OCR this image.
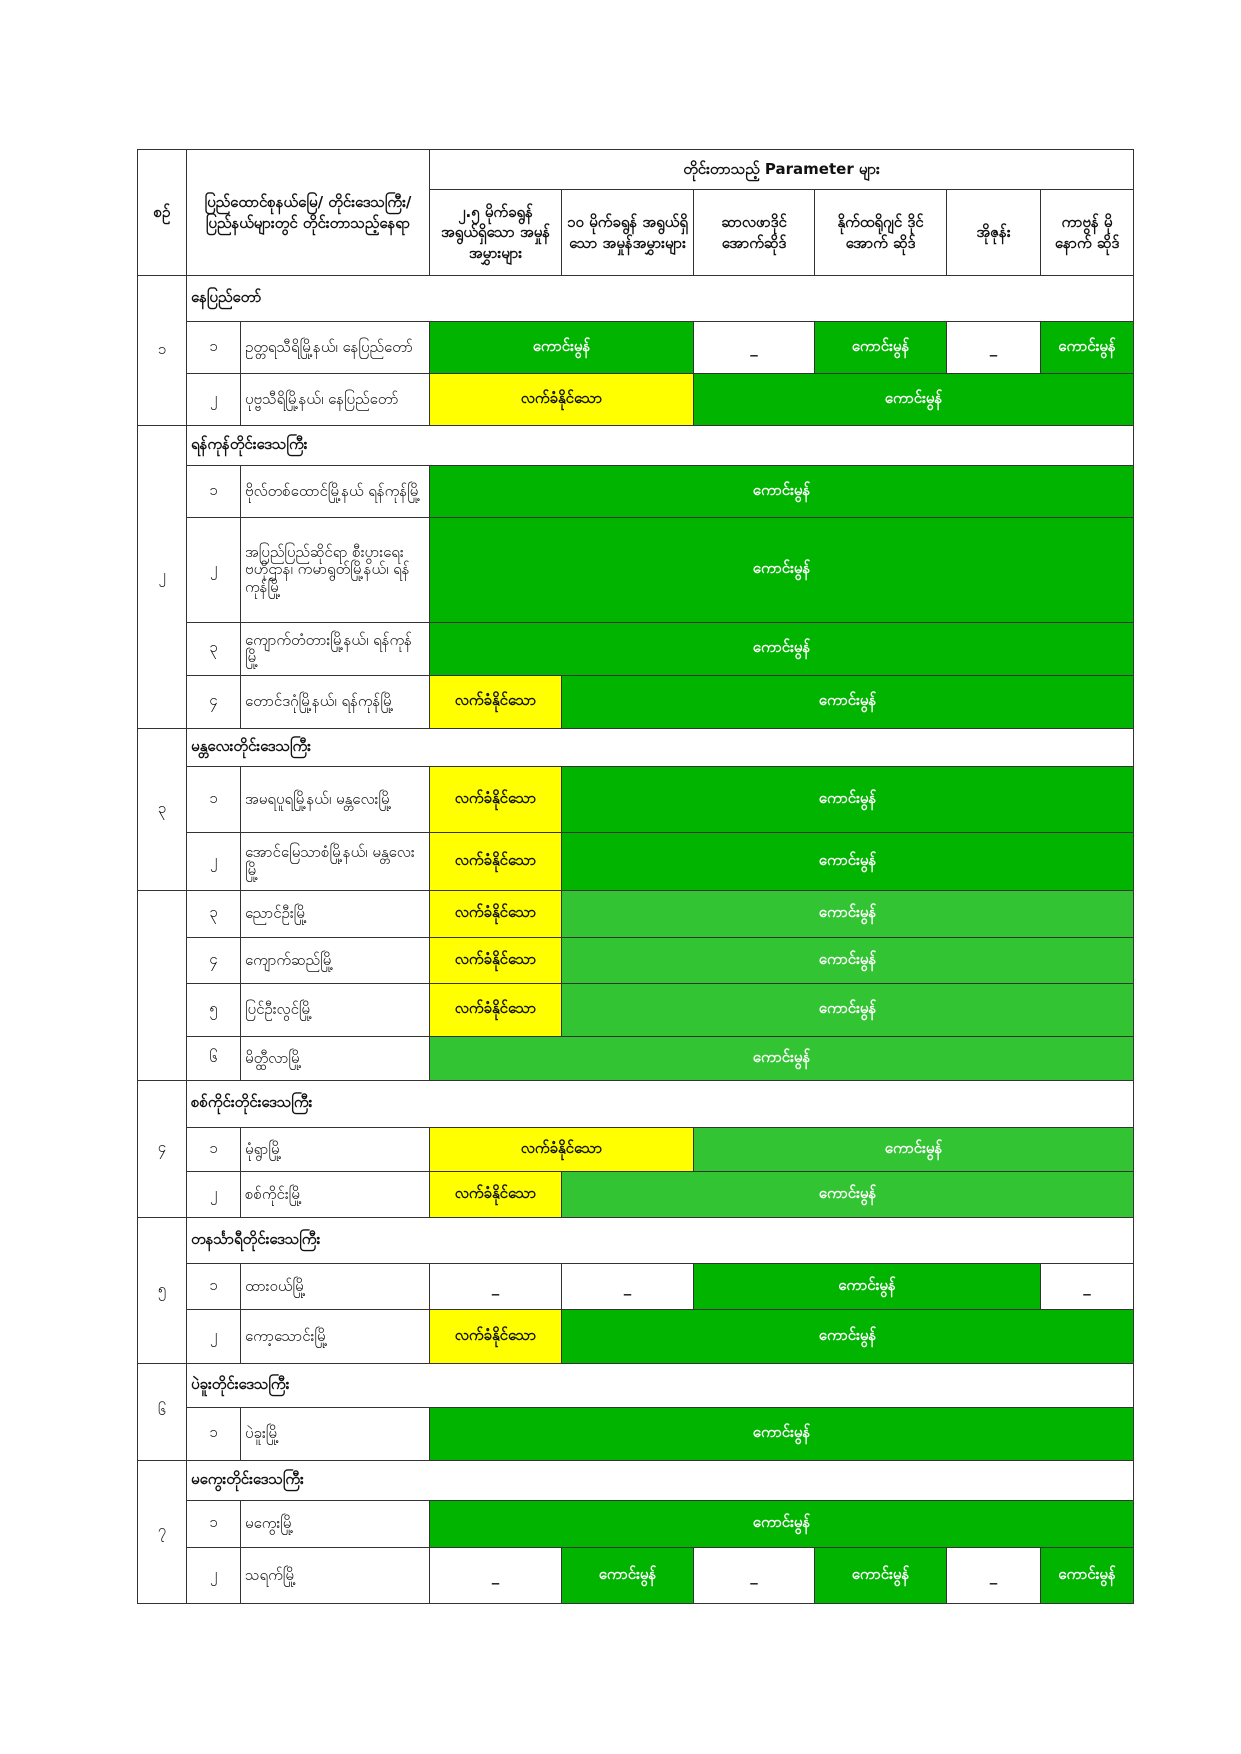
စဉ်	ပြည်ထောင်စုနယ်မြေ/ တိုင်းဒေသကြီး/ ပြည်နယ်များတွင် တိုင်းတာသည့်နေရာ		တိုင်းတာသည့် Parameter များ					
			၂.၅ မိုက်ခရွန် အရွယ်ရှိသော အမှုန်အမွှားများ	၁၀ မိုက်ခရွန် အရွယ်ရှိသော အမှုန်အမွှားများ	ဆာလဖာဒိုင် အောက်ဆိုဒ်	နိုက်ထရိုဂျင် ဒိုင်အောက် ဆိုဒ်	အိုဇုန်း	ကာဗွန် မိုနောက် ဆိုဒ်
၁	နေပြည်တော်							
	၁	ဥတ္တရသီရိမြို့နယ်၊ နေပြည်တော်	ကောင်းမွန်		_	ကောင်းမွန်	_	ကောင်းမွန်
	၂	ပုဗ္ဗသီရိမြို့နယ်၊ နေပြည်တော်	လက်ခံနိုင်သော		ကောင်းမွန်			
၂	ရန်ကုန်တိုင်းဒေသကြီး							
	၁	ဗိုလ်တစ်ထောင်မြို့နယ် ရန်ကုန်မြို့	ကောင်းမွန်					
	၂	အပြည်ပြည်ဆိုင်ရာ စီးပွားရေးဗဟိုဌာန၊ ကမာရွတ်မြို့နယ်၊ ရန်ကုန်မြို့	ကောင်းမွန်					
	၃	ကျောက်တံတားမြို့နယ်၊ ရန်ကုန်မြို့	ကောင်းမွန်					
	၄	တောင်ဒဂုံမြို့နယ်၊ ရန်ကုန်မြို့	လက်ခံနိုင်သော	ကောင်းမွန်				
၃	မန္တလေးတိုင်းဒေသကြီး							
	၁	အမရပူရမြို့နယ်၊ မန္တလေးမြို့	လက်ခံနိုင်သော	ကောင်းမွန်				
	၂	အောင်မြေသာစံမြို့နယ်၊ မန္တလေးမြို့	လက်ခံနိုင်သော	ကောင်းမွန်				
	၃	ညောင်ဦးမြို့	လက်ခံနိုင်သော	ကောင်းမွန်				
	၄	ကျောက်ဆည်မြို့	လက်ခံနိုင်သော	ကောင်းမွန်				
	၅	ပြင်ဦးလွင်မြို့	လက်ခံနိုင်သော	ကောင်းမွန်				
	၆	မိတ္ထီလာမြို့	ကောင်းမွန်					
၄	စစ်ကိုင်းတိုင်းဒေသကြီး							
	၁	မုံရွာမြို့	လက်ခံနိုင်သော		ကောင်းမွန်			
	၂	စစ်ကိုင်းမြို့	လက်ခံနိုင်သော	ကောင်းမွန်				
၅	တနင်္သာရီတိုင်းဒေသကြီး							
	၁	ထားဝယ်မြို့	_	_	ကောင်းမွန်			_
	၂	ကော့သောင်းမြို့	လက်ခံနိုင်သော	ကောင်းမွန်				
၆	ပဲခူးတိုင်းဒေသကြီး							
	၁	ပဲခူးမြို့	ကောင်းမွန်					
၇	မကွေးတိုင်းဒေသကြီး							
	၁	မကွေးမြို့	ကောင်းမွန်					
	၂	သရက်မြို့	_	ကောင်းမွန်	_	ကောင်းမွန်	_	ကောင်းမွန်
